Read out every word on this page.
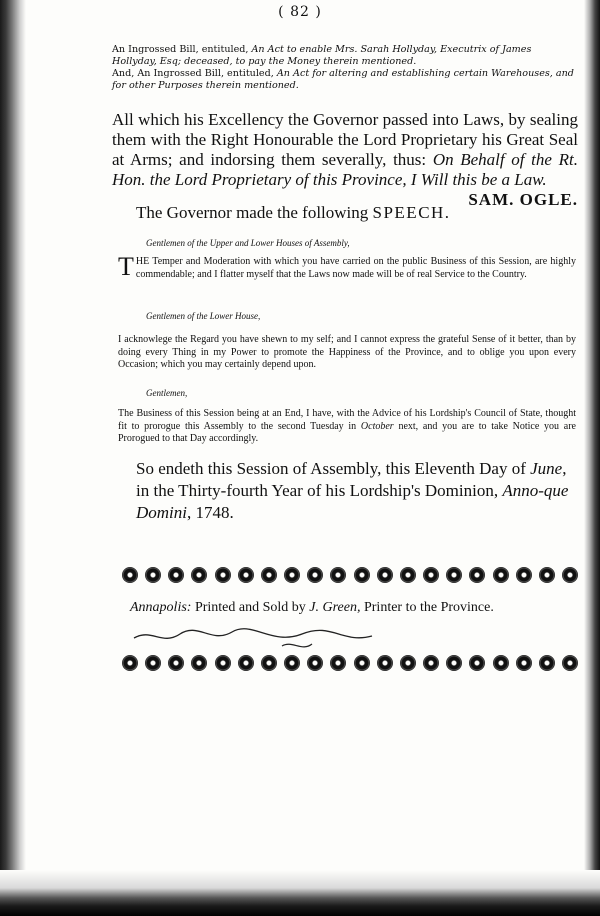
( 82 )
An Ingrossed Bill, entituled, An Act to enable Mrs. Sarah Hollyday, Executrix of James Hollyday, Esq; deceased, to pay the Money therein mentioned.
And, An Ingrossed Bill, entituled, An Act for altering and establishing certain Warehouses, and for other Purposes therein mentioned.
All which his Excellency the Governor passed into Laws, by sealing them with the Right Honourable the Lord Proprietary his Great Seal at Arms; and indorsing them severally, thus: On Behalf of the Rt. Hon. the Lord Proprietary of this Province, I Will this be a Law.
SAM. OGLE.
The Governor made the following SPEECH.
Gentlemen of the Upper and Lower Houses of Assembly,
THE Temper and Moderation with which you have carried on the public Business of this Session, are highly commendable; and I flatter myself that the Laws now made will be of real Service to the Country.
Gentlemen of the Lower House,
I acknowlege the Regard you have shewn to my self; and I cannot express the grateful Sense of it better, than by doing every Thing in my Power to promote the Happiness of the Province, and to oblige you upon every Occasion; which you may certainly depend upon.
Gentlemen,
The Business of this Session being at an End, I have, with the Advice of his Lordship's Council of State, thought fit to prorogue this Assembly to the second Tuesday in October next, and you are to take Notice you are Prorogued to that Day accordingly.
So endeth this Session of Assembly, this Eleventh Day of June, in the Thirty-fourth Year of his Lordship's Dominion, Anno-que Domini, 1748.
Annapolis: Printed and Sold by J. Green, Printer to the Province.
